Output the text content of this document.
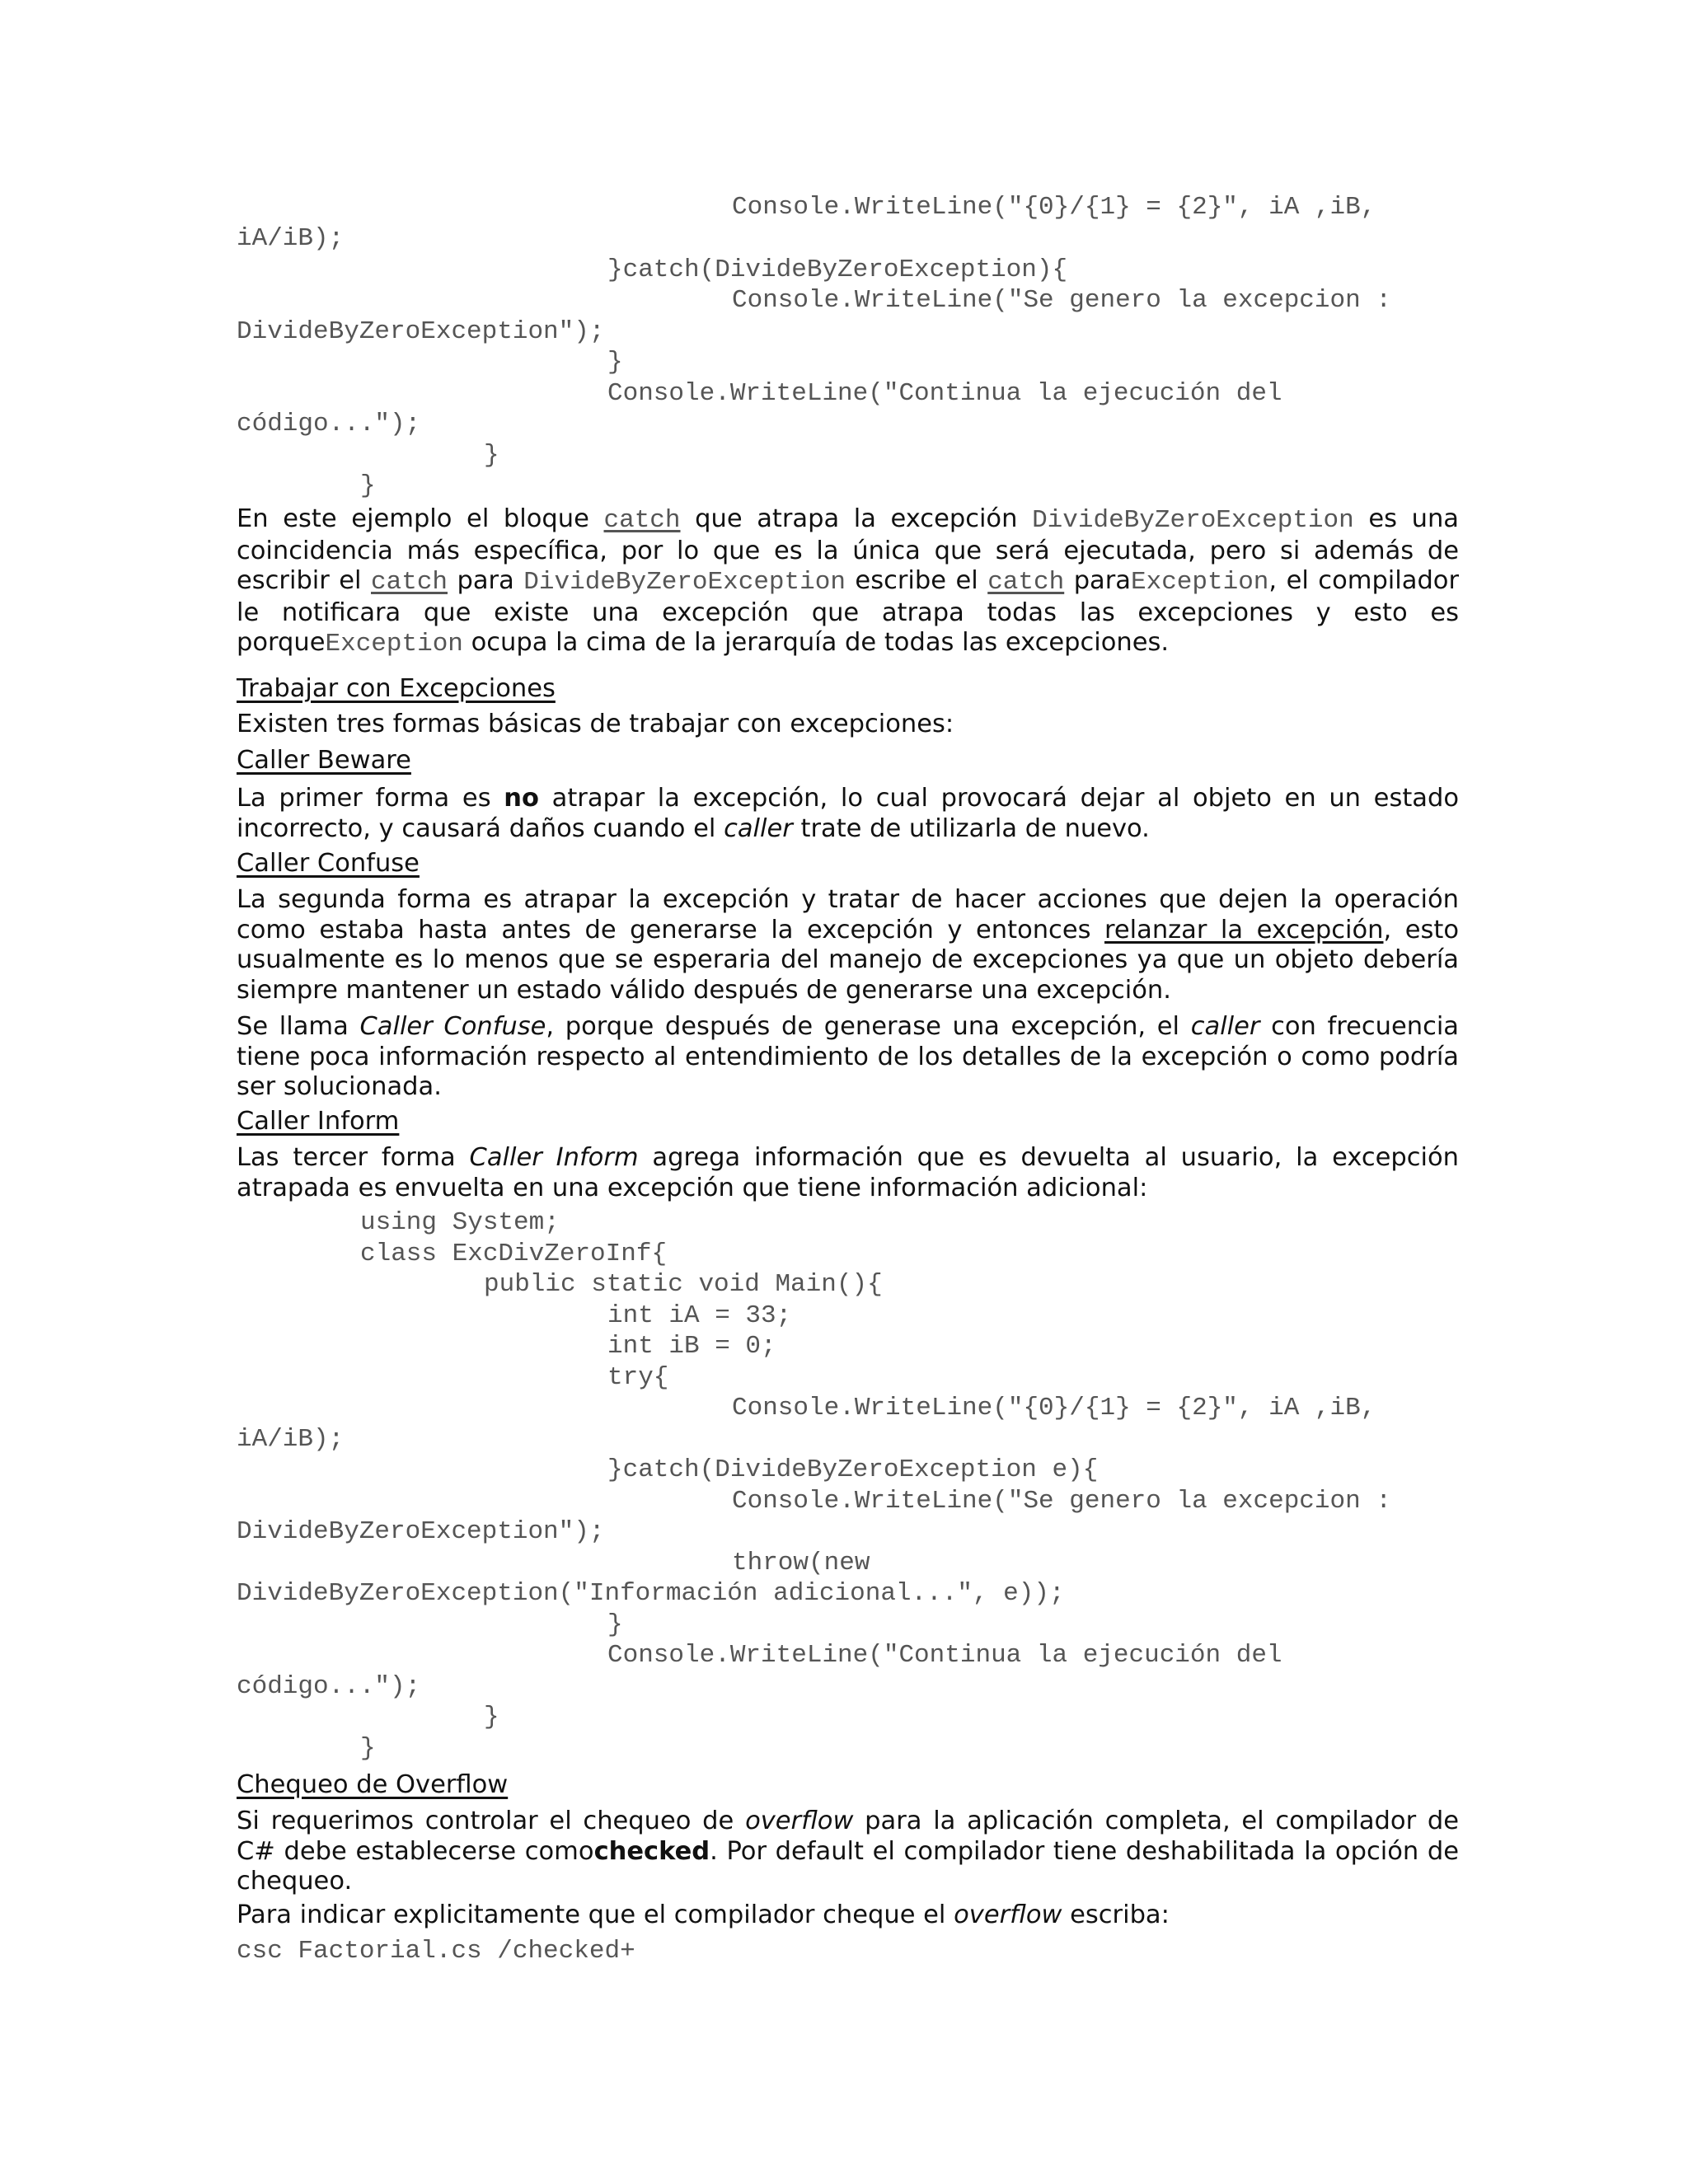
Console.WriteLine("{0}/{1} = {2}", iA ,iB,
iA/iB);
}catch(DivideByZeroException){
Console.WriteLine("Se genero la excepcion :
DivideByZeroException");
}
Console.WriteLine("Continua la ejecución del
código...");
}
}

En este ejemplo el bloque catch que atrapa la excepción DivideByZeroException es una coincidencia más específica, por lo que es la única que será ejecutada, pero si además de escribir el catch para DivideByZeroException escribe el catch paraException, el compilador le notificara que existe una excepción que atrapa todas las excepciones y esto es porqueException ocupa la cima de la jerarquía de todas las excepciones.

Trabajar con Excepciones

Existen tres formas básicas de trabajar con excepciones:

Caller Beware

La primer forma es no atrapar la excepción, lo cual provocará dejar al objeto en un estado incorrecto, y causará daños cuando el caller trate de utilizarla de nuevo.

Caller Confuse

La segunda forma es atrapar la excepción y tratar de hacer acciones que dejen la operación como estaba hasta antes de generarse la excepción y entonces relanzar la excepción, esto usualmente es lo menos que se esperaria del manejo de excepciones ya que un objeto debería siempre mantener un estado válido después de generarse una excepción.

Se llama Caller Confuse, porque después de generase una excepción, el caller con frecuencia tiene poca información respecto al entendimiento de los detalles de la excepción o como podría ser solucionada.

Caller Inform

Las tercer forma Caller Inform agrega información que es devuelta al usuario, la excepción atrapada es envuelta en una excepción que tiene información adicional:

using System;
class ExcDivZeroInf{
public static void Main(){
int iA = 33;
int iB = 0;
try{
Console.WriteLine("{0}/{1} = {2}", iA ,iB,
iA/iB);
}catch(DivideByZeroException e){
Console.WriteLine("Se genero la excepcion :
DivideByZeroException");
throw(new
DivideByZeroException("Información adicional...", e));
}
Console.WriteLine("Continua la ejecución del
código...");
}
}

Chequeo de Overflow

Si requerimos controlar el chequeo de overflow para la aplicación completa, el compilador de C# debe establecerse comochecked. Por default el compilador tiene deshabilitada la opción de chequeo.

Para indicar explicitamente que el compilador cheque el overflow escriba:

csc Factorial.cs /checked+
